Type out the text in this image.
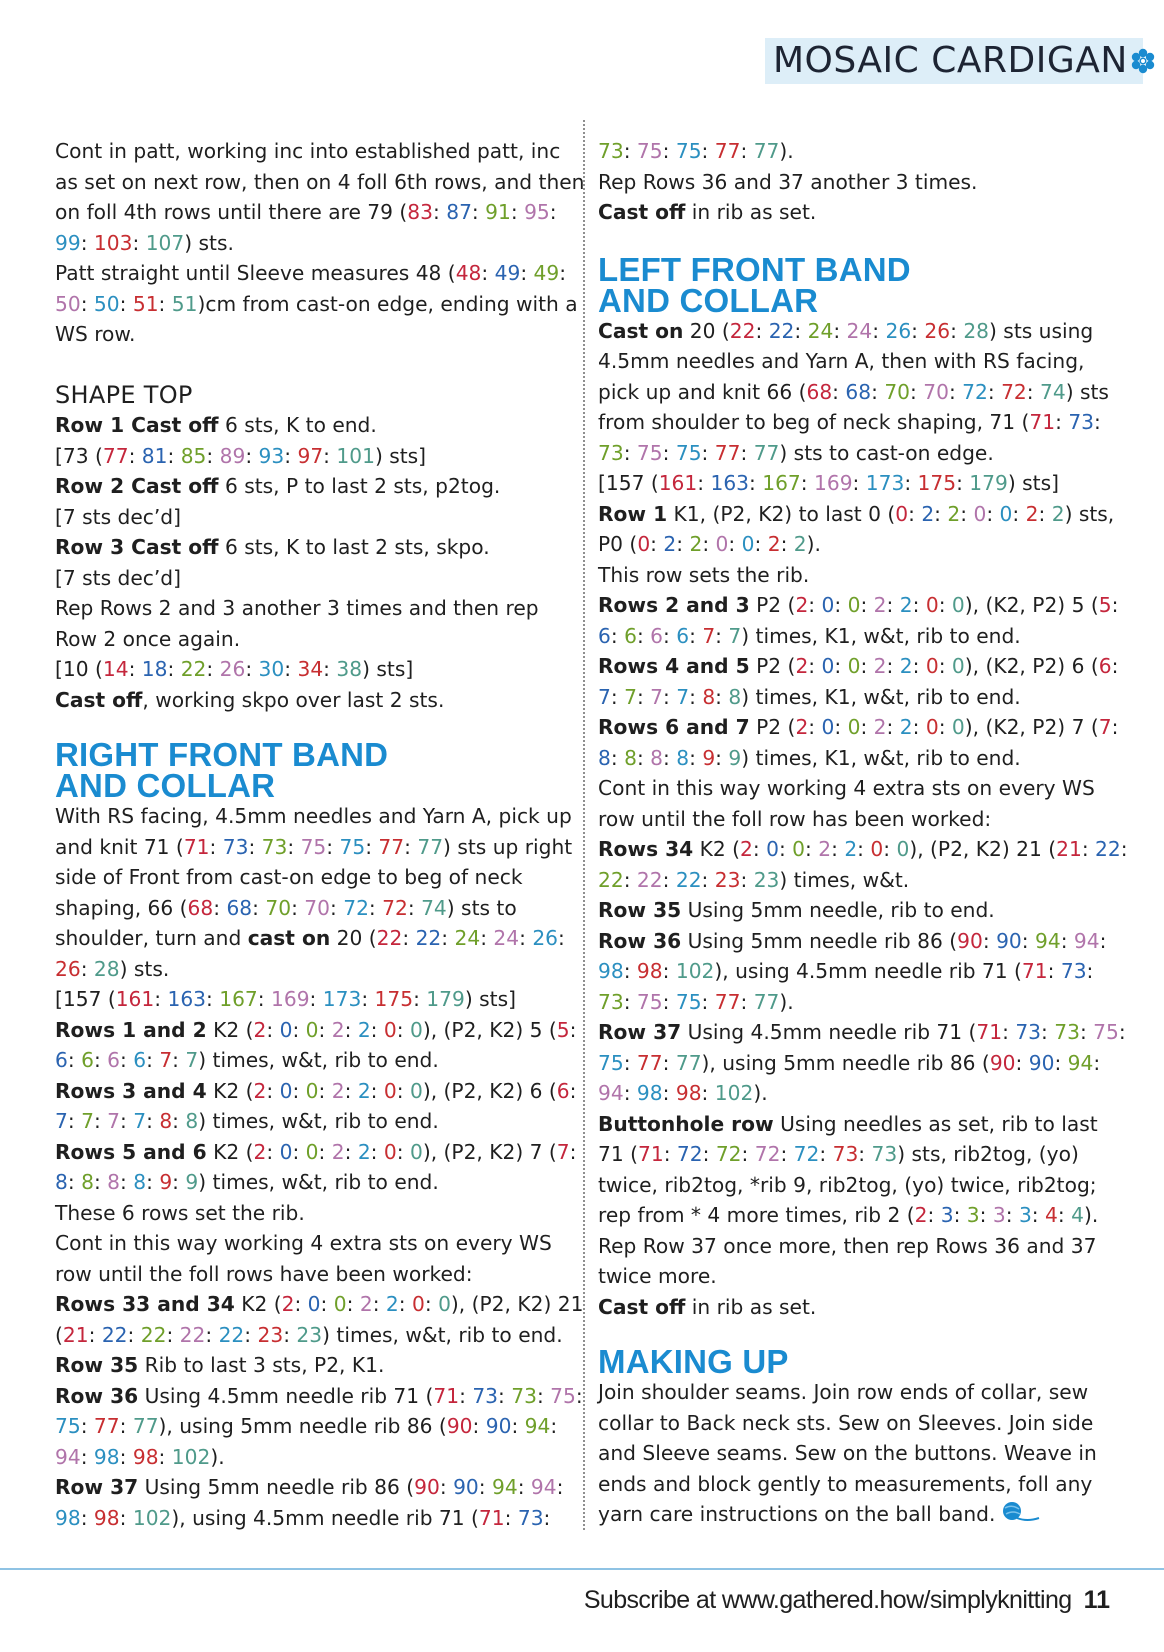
MOSAIC CARDIGAN

Cont in patt, working inc into established patt, inc as set on next row, then on 4 foll 6th rows, and then on foll 4th rows until there are 79 (83: 87: 91: 95: 99: 103: 107) sts.

Patt straight until Sleeve measures 48 (48: 49: 49: 50: 50: 51: 51)cm from cast-on edge, ending with a WS row.

SHAPE TOP

Row 1 Cast off 6 sts, K to end.

[73 (77: 81: 85: 89: 93: 97: 101) sts]

Row 2 Cast off 6 sts, P to last 2 sts, p2tog.

[7 sts dec’d]

Row 3 Cast off 6 sts, K to last 2 sts, skpo.

[7 sts dec’d]

Rep Rows 2 and 3 another 3 times and then rep Row 2 once again.

[10 (14: 18: 22: 26: 30: 34: 38) sts]

Cast off, working skpo over last 2 sts.

RIGHT FRONT BAND
AND COLLAR

With RS facing, 4.5mm needles and Yarn A, pick up and knit 71 (71: 73: 73: 75: 75: 77: 77) sts up right side of Front from cast-on edge to beg of neck shaping, 66 (68: 68: 70: 70: 72: 72: 74) sts to shoulder, turn and cast on 20 (22: 22: 24: 24: 26: 26: 28) sts.

[157 (161: 163: 167: 169: 173: 175: 179) sts]

Rows 1 and 2 K2 (2: 0: 0: 2: 2: 0: 0), (P2, K2) 5 (5: 6: 6: 6: 6: 7: 7) times, w&t, rib to end.

Rows 3 and 4 K2 (2: 0: 0: 2: 2: 0: 0), (P2, K2) 6 (6: 7: 7: 7: 7: 8: 8) times, w&t, rib to end.

Rows 5 and 6 K2 (2: 0: 0: 2: 2: 0: 0), (P2, K2) 7 (7: 8: 8: 8: 8: 9: 9) times, w&t, rib to end.

These 6 rows set the rib.

Cont in this way working 4 extra sts on every WS row until the foll rows have been worked:

Rows 33 and 34 K2 (2: 0: 0: 2: 2: 0: 0), (P2, K2) 21 (21: 22: 22: 22: 22: 23: 23) times, w&t, rib to end.

Row 35 Rib to last 3 sts, P2, K1.

Row 36 Using 4.5mm needle rib 71 (71: 73: 73: 75: 75: 77: 77), using 5mm needle rib 86 (90: 90: 94: 94: 98: 98: 102).

Row 37 Using 5mm needle rib 86 (90: 90: 94: 94: 98: 98: 102), using 4.5mm needle rib 71 (71: 73:

73: 75: 75: 77: 77).

Rep Rows 36 and 37 another 3 times.

Cast off in rib as set.

LEFT FRONT BAND
AND COLLAR

Cast on 20 (22: 22: 24: 24: 26: 26: 28) sts using 4.5mm needles and Yarn A, then with RS facing, pick up and knit 66 (68: 68: 70: 70: 72: 72: 74) sts from shoulder to beg of neck shaping, 71 (71: 73: 73: 75: 75: 77: 77) sts to cast-on edge.

[157 (161: 163: 167: 169: 173: 175: 179) sts]

Row 1 K1, (P2, K2) to last 0 (0: 2: 2: 0: 0: 2: 2) sts, P0 (0: 2: 2: 0: 0: 2: 2).

This row sets the rib.

Rows 2 and 3 P2 (2: 0: 0: 2: 2: 0: 0), (K2, P2) 5 (5: 6: 6: 6: 6: 7: 7) times, K1, w&t, rib to end.

Rows 4 and 5 P2 (2: 0: 0: 2: 2: 0: 0), (K2, P2) 6 (6: 7: 7: 7: 7: 8: 8) times, K1, w&t, rib to end.

Rows 6 and 7 P2 (2: 0: 0: 2: 2: 0: 0), (K2, P2) 7 (7: 8: 8: 8: 8: 9: 9) times, K1, w&t, rib to end.

Cont in this way working 4 extra sts on every WS row until the foll row has been worked:

Rows 34 K2 (2: 0: 0: 2: 2: 0: 0), (P2, K2) 21 (21: 22: 22: 22: 22: 23: 23) times, w&t.

Row 35 Using 5mm needle, rib to end.

Row 36 Using 5mm needle rib 86 (90: 90: 94: 94: 98: 98: 102), using 4.5mm needle rib 71 (71: 73: 73: 75: 75: 77: 77).

Row 37 Using 4.5mm needle rib 71 (71: 73: 73: 75: 75: 77: 77), using 5mm needle rib 86 (90: 90: 94: 94: 98: 98: 102).

Buttonhole row Using needles as set, rib to last 71 (71: 72: 72: 72: 72: 73: 73) sts, rib2tog, (yo) twice, rib2tog, *rib 9, rib2tog, (yo) twice, rib2tog; rep from * 4 more times, rib 2 (2: 3: 3: 3: 3: 4: 4).

Rep Row 37 once more, then rep Rows 36 and 37 twice more.

Cast off in rib as set.

MAKING UP

Join shoulder seams. Join row ends of collar, sew collar to Back neck sts. Sew on Sleeves. Join side and Sleeve seams. Sew on the buttons. Weave in ends and block gently to measurements, foll any yarn care instructions on the ball band.

Subscribe at www.gathered.how/simplyknitting 11
